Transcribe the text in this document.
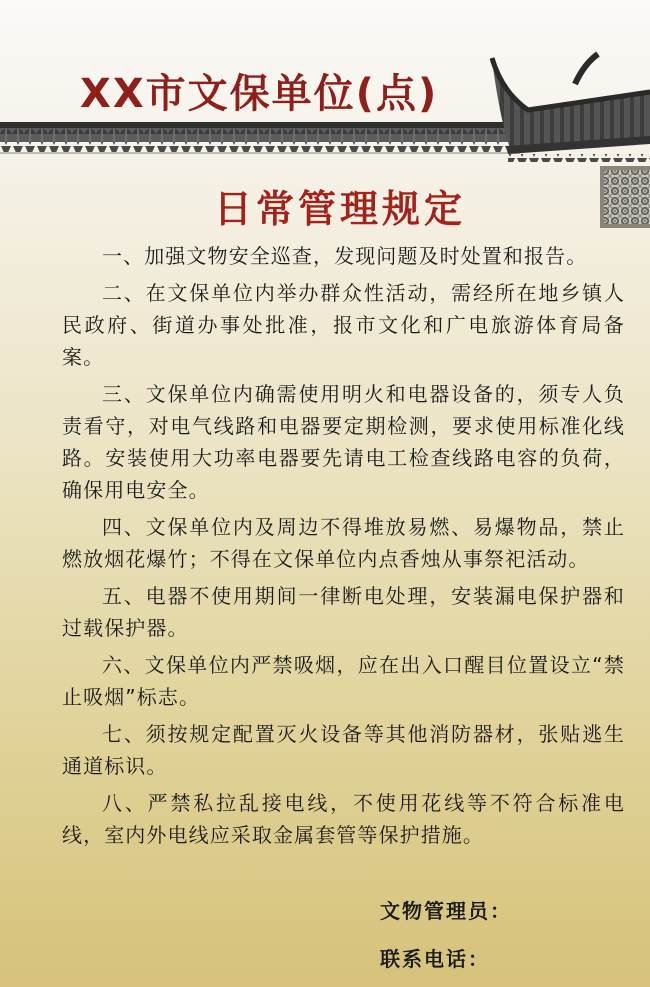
XX市文保单位(点)
日常管理规定

一、加强文物安全巡查，发现问题及时处置和报告。

二、在文保单位内举办群众性活动，需经所在地乡镇人民政府、街道办事处批准，报市文化和广电旅游体育局备案。

三、文保单位内确需使用明火和电器设备的，须专人负责看守，对电气线路和电器要定期检测，要求使用标准化线路。安装使用大功率电器要先请电工检查线路电容的负荷，确保用电安全。

四、文保单位内及周边不得堆放易燃、易爆物品，禁止燃放烟花爆竹；不得在文保单位内点香烛从事祭祀活动。

五、电器不使用期间一律断电处理，安装漏电保护器和过载保护器。

六、文保单位内严禁吸烟，应在出入口醒目位置设立“禁止吸烟”标志。

七、须按规定配置灭火设备等其他消防器材，张贴逃生通道标识。

八、严禁私拉乱接电线，不使用花线等不符合标准电线，室内外电线应采取金属套管等保护措施。

文物管理员：
联系电话：
